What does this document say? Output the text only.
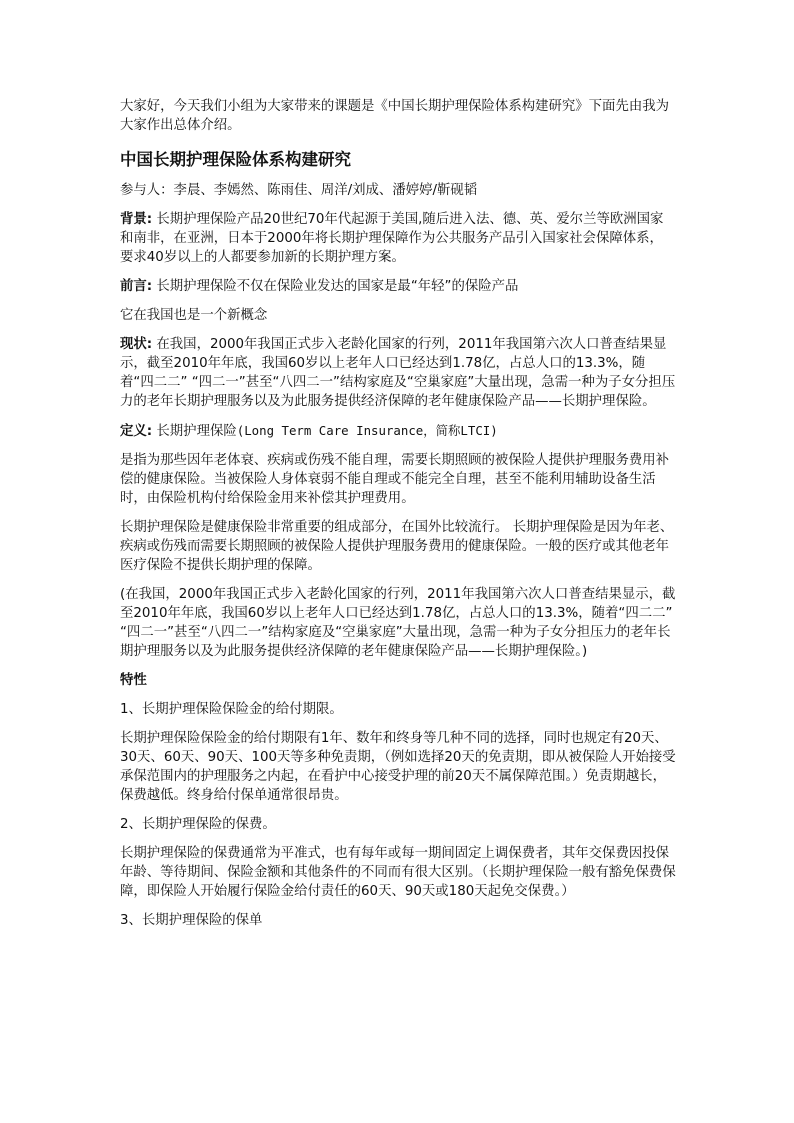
大家好，今天我们小组为大家带来的课题是《中国长期护理保险体系构建研究》下面先由我为大家作出总体介绍。

中国长期护理保险体系构建研究

参与人：李晨、李嫣然、陈雨佳、周洋/刘成、潘婷婷/靳砚韬

背景: 长期护理保险产品20世纪70年代起源于美国,随后进入法、德、英、爱尔兰等欧洲国家和南非，在亚洲，日本于2000年将长期护理保障作为公共服务产品引入国家社会保障体系，要求40岁以上的人都要参加新的长期护理方案。

前言: 长期护理保险不仅在保险业发达的国家是最“年轻”的保险产品

它在我国也是一个新概念

现状: 在我国，2000年我国正式步入老龄化国家的行列，2011年我国第六次人口普查结果显示，截至2010年年底，我国60岁以上老年人口已经达到1.78亿，占总人口的13.3%，随着“四二二” “四二一”甚至“八四二一”结构家庭及“空巢家庭”大量出现，急需一种为子女分担压力的老年长期护理服务以及为此服务提供经济保障的老年健康保险产品——长期护理保险。

定义: 长期护理保险(Long Term Care Insurance，简称LTCI)

是指为那些因年老体衰、疾病或伤残不能自理，需要长期照顾的被保险人提供护理服务费用补偿的健康保险。当被保险人身体衰弱不能自理或不能完全自理，甚至不能利用辅助设备生活时，由保险机构付给保险金用来补偿其护理费用。

长期护理保险是健康保险非常重要的组成部分，在国外比较流行。 长期护理保险是因为年老、疾病或伤残而需要长期照顾的被保险人提供护理服务费用的健康保险。一般的医疗或其他老年医疗保险不提供长期护理的保障。

(在我国，2000年我国正式步入老龄化国家的行列，2011年我国第六次人口普查结果显示，截至2010年年底，我国60岁以上老年人口已经达到1.78亿，占总人口的13.3%，随着“四二二” “四二一”甚至“八四二一”结构家庭及“空巢家庭”大量出现，急需一种为子女分担压力的老年长期护理服务以及为此服务提供经济保障的老年健康保险产品——长期护理保险。)

特性

1、长期护理保险保险金的给付期限。

长期护理保险保险金的给付期限有1年、数年和终身等几种不同的选择，同时也规定有20天、30天、60天、90天、100天等多种免责期，（例如选择20天的免责期，即从被保险人开始接受承保范围内的护理服务之内起，在看护中心接受护理的前20天不属保障范围。）免责期越长，保费越低。终身给付保单通常很昂贵。

2、长期护理保险的保费。

长期护理保险的保费通常为平准式，也有每年或每一期间固定上调保费者，其年交保费因投保年龄、等待期间、保险金额和其他条件的不同而有很大区别。（长期护理保险一般有豁免保费保障，即保险人开始履行保险金给付责任的60天、90天或180天起免交保费。）

3、长期护理保险的保单
